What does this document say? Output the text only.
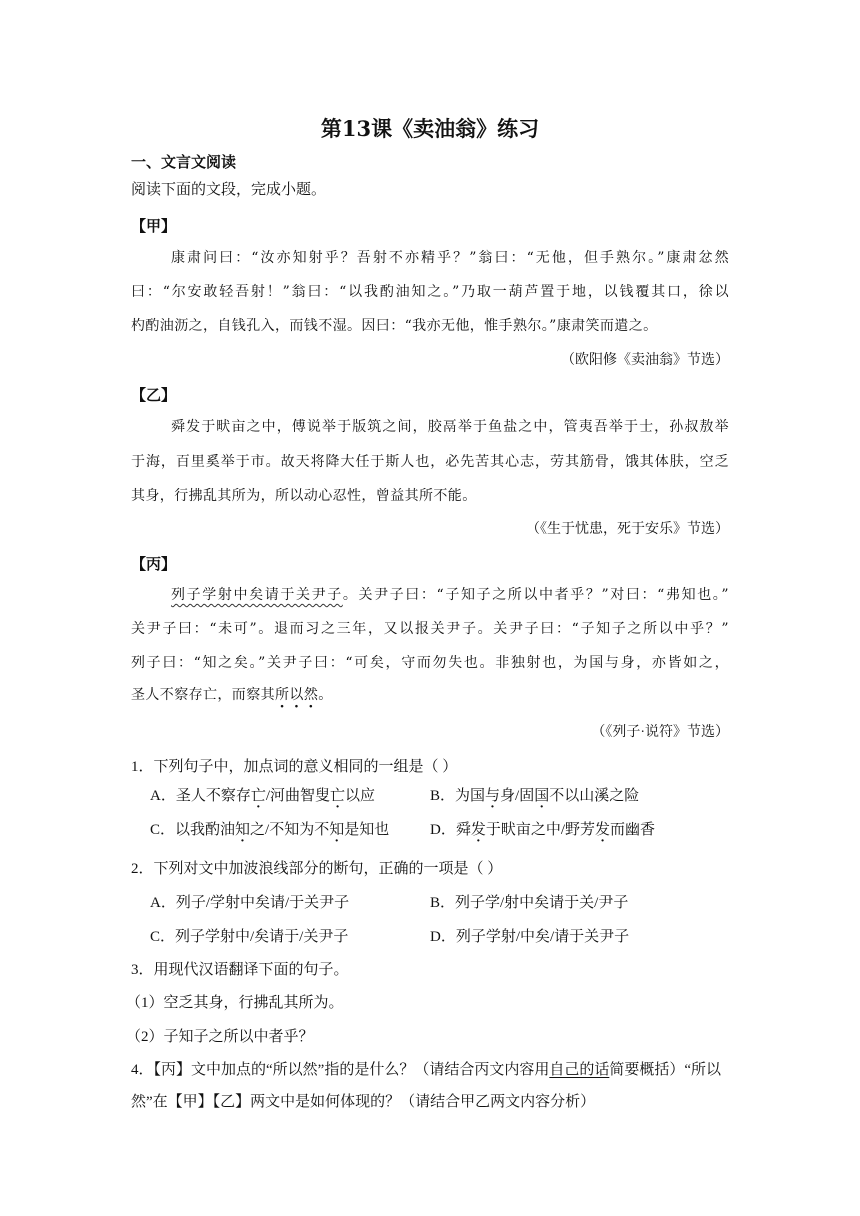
第13课《卖油翁》练习
一、文言文阅读
阅读下面的文段，完成小题。
【甲】
康肃问曰：“汝亦知射乎？吾射不亦精乎？”翁曰：“无他，但手熟尔。”康肃忿然
曰：“尔安敢轻吾射！”翁曰：“以我酌油知之。”乃取一葫芦置于地，以钱覆其口，徐以
杓酌油沥之，自钱孔入，而钱不湿。因曰：“我亦无他，惟手熟尔。”康肃笑而遣之。
（欧阳修《卖油翁》节选）
【乙】
舜发于畎亩之中，傅说举于版筑之间，胶鬲举于鱼盐之中，管夷吾举于士，孙叔敖举
于海，百里奚举于市。故天将降大任于斯人也，必先苦其心志，劳其筋骨，饿其体肤，空乏
其身，行拂乱其所为，所以动心忍性，曾益其所不能。
（《生于忧患，死于安乐》节选）
【丙】
列子学射中矣请于关尹子。关尹子曰：“子知子之所以中者乎？”对曰：“弗知也。”
关尹子曰：“未可”。退而习之三年，又以报关尹子。关尹子曰：“子知子之所以中乎？”
列子曰：“知之矣。”关尹子曰：“可矣，守而勿失也。非独射也，为国与身，亦皆如之，
圣人不察存亡，而察其所以然。
（《列子·说符》节选）
1．下列句子中，加点词的意义相同的一组是（ ）
A．圣人不察存亡/河曲智叟亡以应	B．为国与身/固国不以山溪之险
C．以我酌油知之/不知为不知是知也	D．舜发于畎亩之中/野芳发而幽香
2．下列对文中加波浪线部分的断句，正确的一项是（ ）
A．列子/学射中矣请/于关尹子	B．列子学/射中矣请于关/尹子
C．列子学射中/矣请于/关尹子	D．列子学射/中矣/请于关尹子
3．用现代汉语翻译下面的句子。
（1）空乏其身，行拂乱其所为。
（2）子知子之所以中者乎？
4．【丙】文中加点的“所以然”指的是什么？（请结合丙文内容用自己的话简要概括）“所以
然”在【甲】【乙】两文中是如何体现的？（请结合甲乙两文内容分析）
